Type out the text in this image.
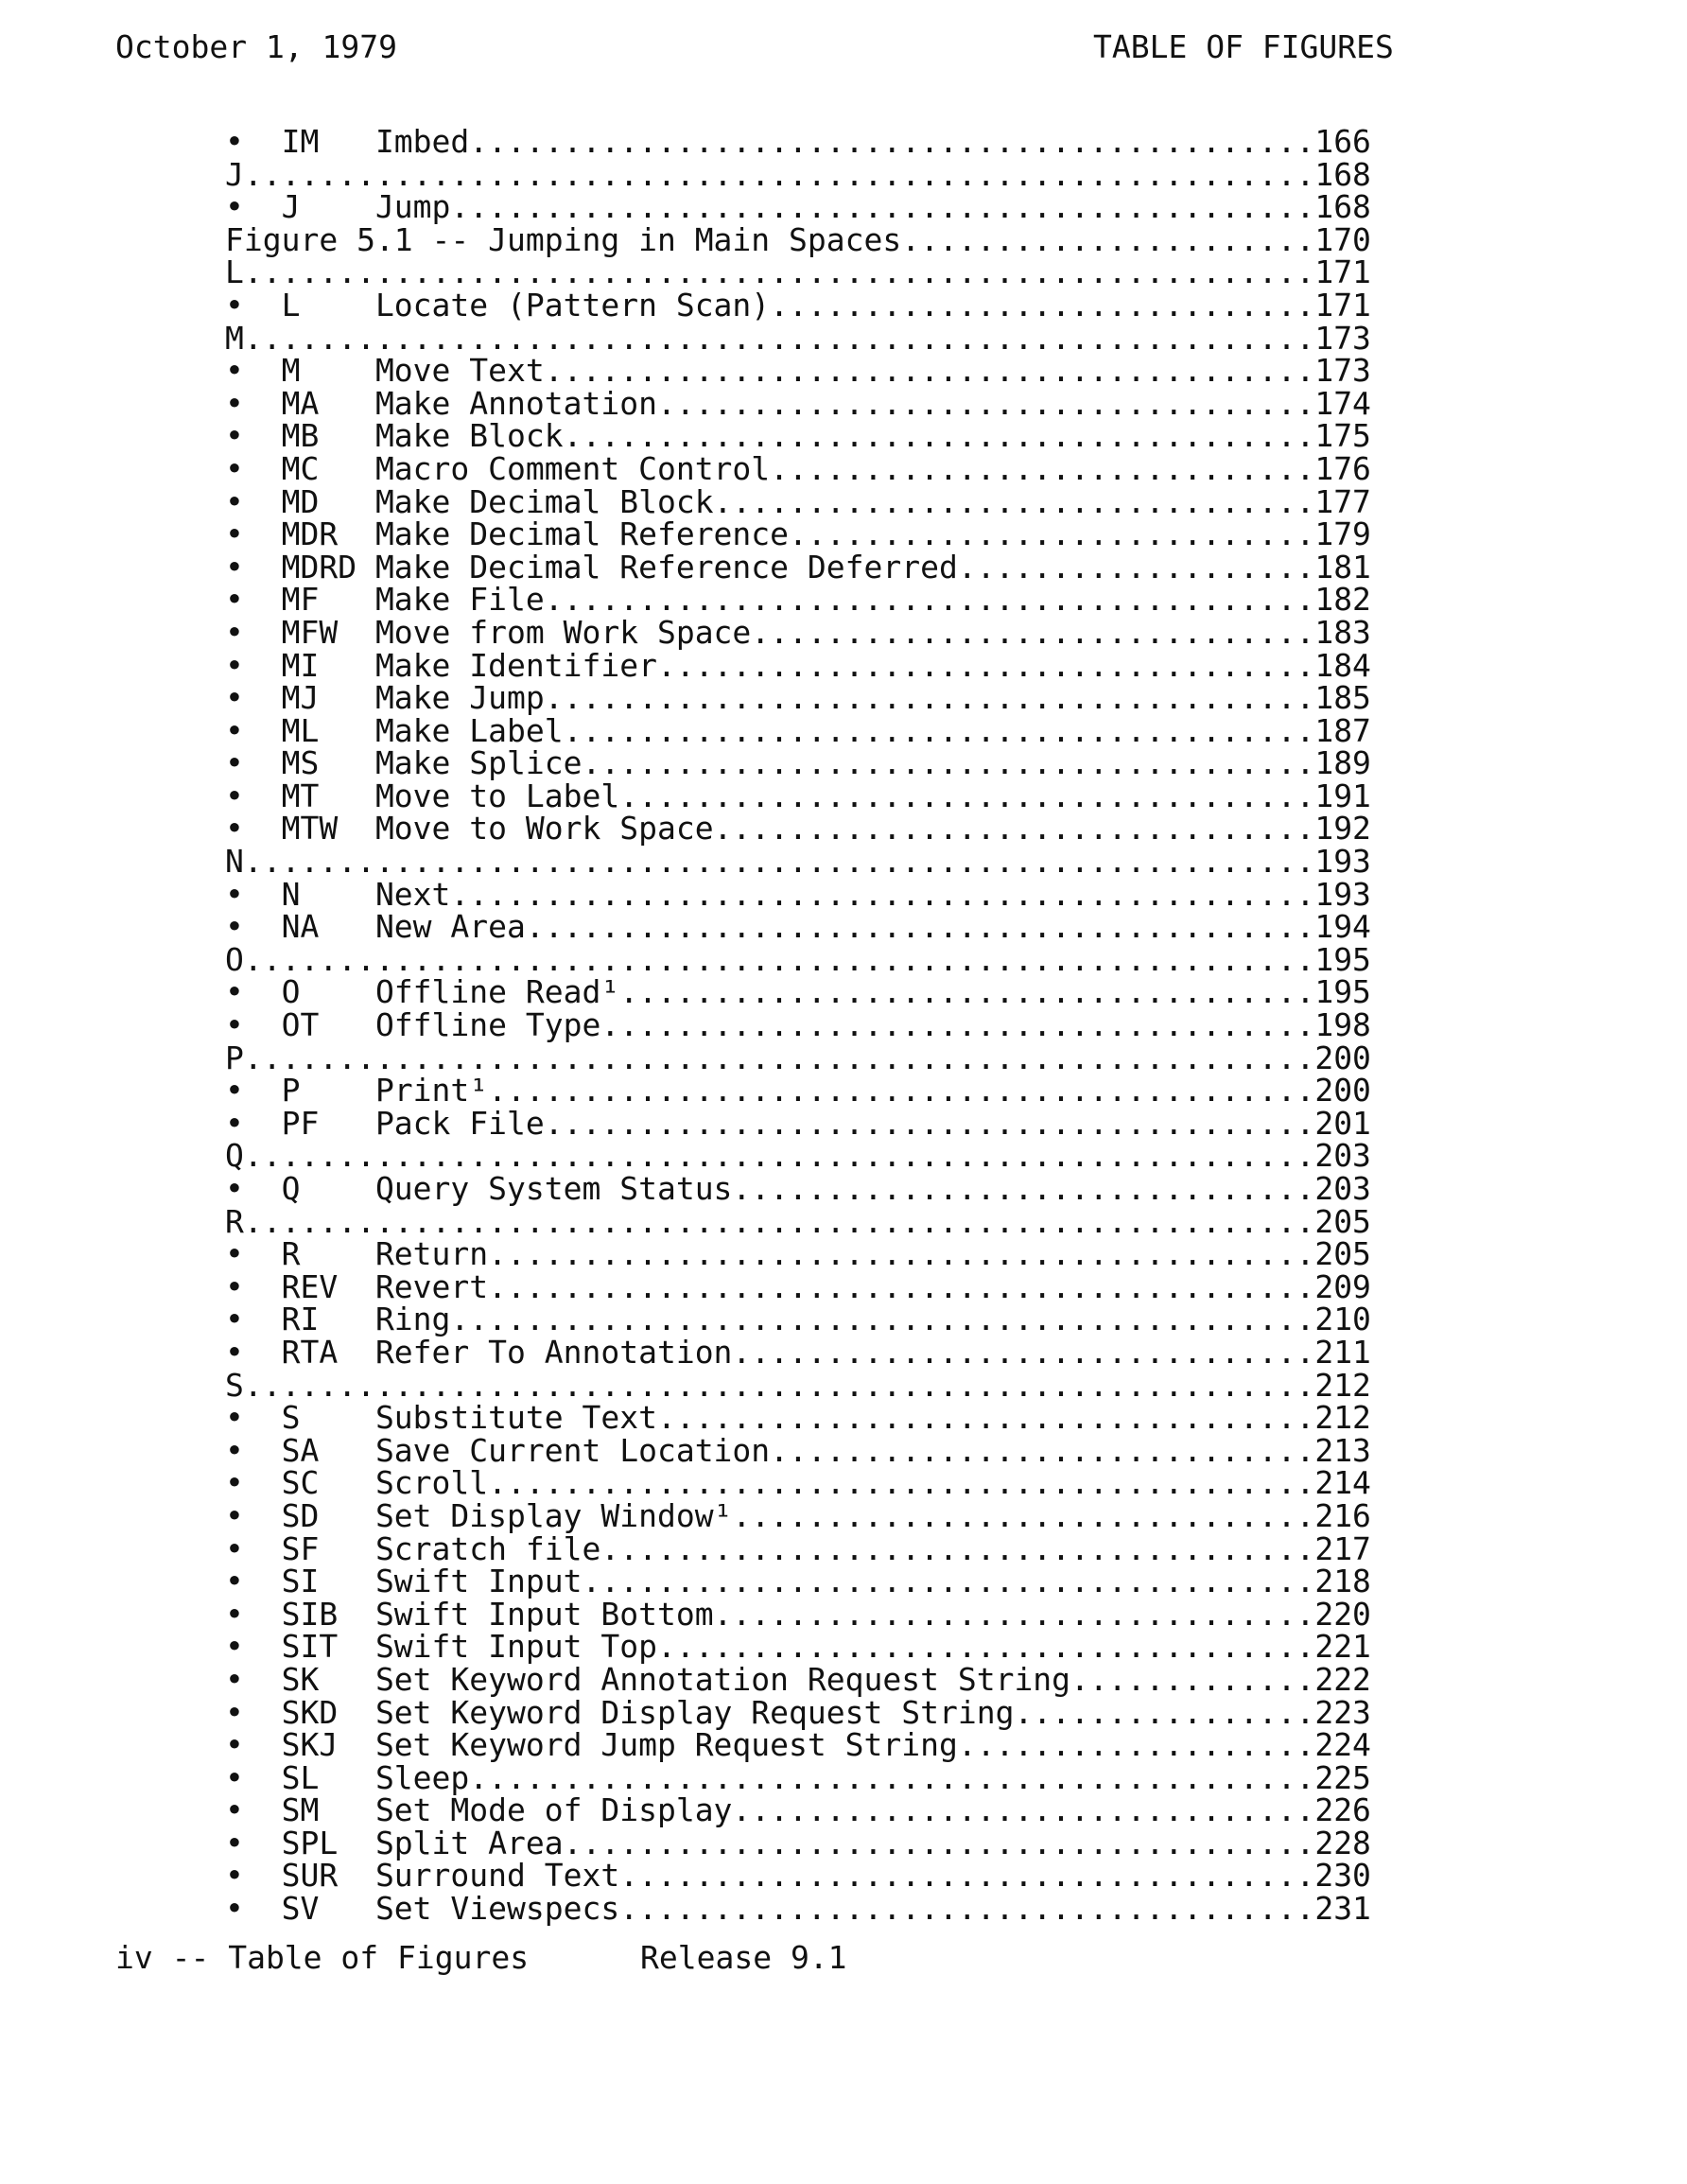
October 1, 1979	TABLE OF FIGURES
•  IM   Imbed.............................................166
J.........................................................168
•  J    Jump..............................................168
Figure 5.1 -- Jumping in Main Spaces......................170
L.........................................................171
•  L    Locate (Pattern Scan).............................171
M.........................................................173
•  M    Move Text.........................................173
•  MA   Make Annotation...................................174
•  MB   Make Block........................................175
•  MC   Macro Comment Control.............................176
•  MD   Make Decimal Block................................177
•  MDR  Make Decimal Reference............................179
•  MDRD Make Decimal Reference Deferred...................181
•  MF   Make File.........................................182
•  MFW  Move from Work Space..............................183
•  MI   Make Identifier...................................184
•  MJ   Make Jump.........................................185
•  ML   Make Label........................................187
•  MS   Make Splice.......................................189
•  MT   Move to Label.....................................191
•  MTW  Move to Work Space................................192
N.........................................................193
•  N    Next..............................................193
•  NA   New Area..........................................194
O.........................................................195
•  O    Offline Read¹.....................................195
•  OT   Offline Type......................................198
P.........................................................200
•  P    Print¹............................................200
•  PF   Pack File.........................................201
Q.........................................................203
•  Q    Query System Status...............................203
R.........................................................205
•  R    Return............................................205
•  REV  Revert............................................209
•  RI   Ring..............................................210
•  RTA  Refer To Annotation...............................211
S.........................................................212
•  S    Substitute Text...................................212
•  SA   Save Current Location.............................213
•  SC   Scroll............................................214
•  SD   Set Display Window¹...............................216
•  SF   Scratch file......................................217
•  SI   Swift Input.......................................218
•  SIB  Swift Input Bottom................................220
•  SIT  Swift Input Top...................................221
•  SK   Set Keyword Annotation Request String.............222
•  SKD  Set Keyword Display Request String................223
•  SKJ  Set Keyword Jump Request String...................224
•  SL   Sleep.............................................225
•  SM   Set Mode of Display...............................226
•  SPL  Split Area........................................228
•  SUR  Surround Text.....................................230
•  SV   Set Viewspecs.....................................231
iv -- Table of Figures	Release 9.1
